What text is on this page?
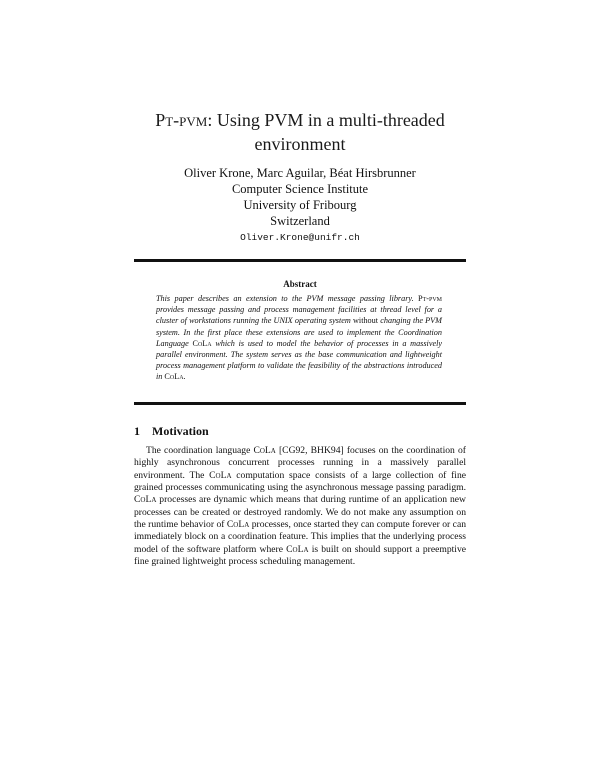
Pt-pvm: Using PVM in a multi-threaded environment
Oliver Krone, Marc Aguilar, Béat Hirsbrunner
Computer Science Institute
University of Fribourg
Switzerland
Oliver.Krone@unifr.ch
Abstract
This paper describes an extension to the PVM message passing library. Pt-pvm provides message passing and process management facilities at thread level for a cluster of workstations running the UNIX operating system without changing the PVM system. In the first place these extensions are used to implement the Coordination Language CoLa which is used to model the behavior of processes in a massively parallel environment. The system serves as the base communication and lightweight process management platform to validate the feasibility of the abstractions introduced in CoLa.
1 Motivation

The coordination language CoLa [CG92, BHK94] focuses on the coordination of highly asynchronous concurrent processes running in a massively parallel environment. The CoLa computation space consists of a large collection of fine grained processes communicating using the asynchronous message passing paradigm. CoLa processes are dynamic which means that during runtime of an application new processes can be created or destroyed randomly. We do not make any assumption on the runtime behavior of CoLa processes, once started they can compute forever or can immediately block on a coordination feature. This implies that the underlying process model of the software platform where CoLa is built on should support a preemptive fine grained lightweight process scheduling management.
